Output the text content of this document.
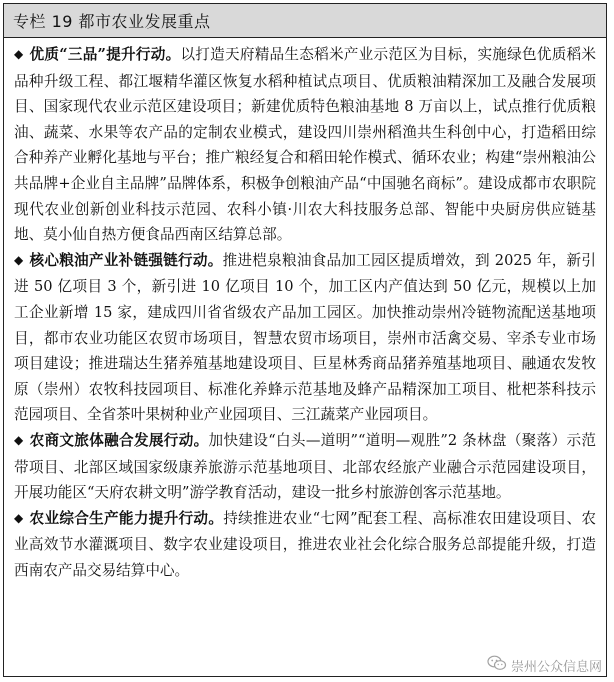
专栏 19 都市农业发展重点

◆ 优质“三品”提升行动。以打造天府精品生态稻米产业示范区为目标，实施绿色优质稻米品种升级工程、都江堰精华灌区恢复水稻种植试点项目、优质粮油精深加工及融合发展项目、国家现代农业示范区建设项目；新建优质特色粮油基地 8 万亩以上，试点推行优质粮油、蔬菜、水果等农产品的定制农业模式，建设四川崇州稻渔共生科创中心，打造稻田综合种养产业孵化基地与平台；推广粮经复合和稻田轮作模式、循环农业；构建“崇州粮油公共品牌+企业自主品牌”品牌体系，积极争创粮油产品“中国驰名商标”。建设成都市农职院现代农业创新创业科技示范园、农科小镇·川农大科技服务总部、智能中央厨房供应链基地、莫小仙自热方便食品西南区结算总部。

◆ 核心粮油产业补链强链行动。推进桤泉粮油食品加工园区提质增效，到 2025 年，新引进 50 亿项目 3 个，新引进 10 亿项目 10 个，加工区内产值达到 50 亿元，规模以上加工企业新增 15 家，建成四川省省级农产品加工园区。加快推动崇州冷链物流配送基地项目，都市农业功能区农贸市场项目，智慧农贸市场项目，崇州市活禽交易、宰杀专业市场项目建设；推进瑞达生猪养殖基地建设项目、巨星林秀商品猪养殖基地项目、融通农发牧原（崇州）农牧科技园项目、标准化养蜂示范基地及蜂产品精深加工项目、枇杷茶科技示范园项目、全省茶叶果树种业产业园项目、三江蔬菜产业园项目。

◆ 农商文旅体融合发展行动。加快建设“白头—道明”“道明—观胜”2 条林盘（聚落）示范带项目、北部区域国家级康养旅游示范基地项目、北部农经旅产业融合示范园建设项目，开展功能区“天府农耕文明”游学教育活动，建设一批乡村旅游创客示范基地。

◆ 农业综合生产能力提升行动。持续推进农业“七网”配套工程、高标准农田建设项目、农业高效节水灌溉项目、数字农业建设项目，推进农业社会化综合服务总部提能升级，打造西南农产品交易结算中心。

崇州公众信息网
